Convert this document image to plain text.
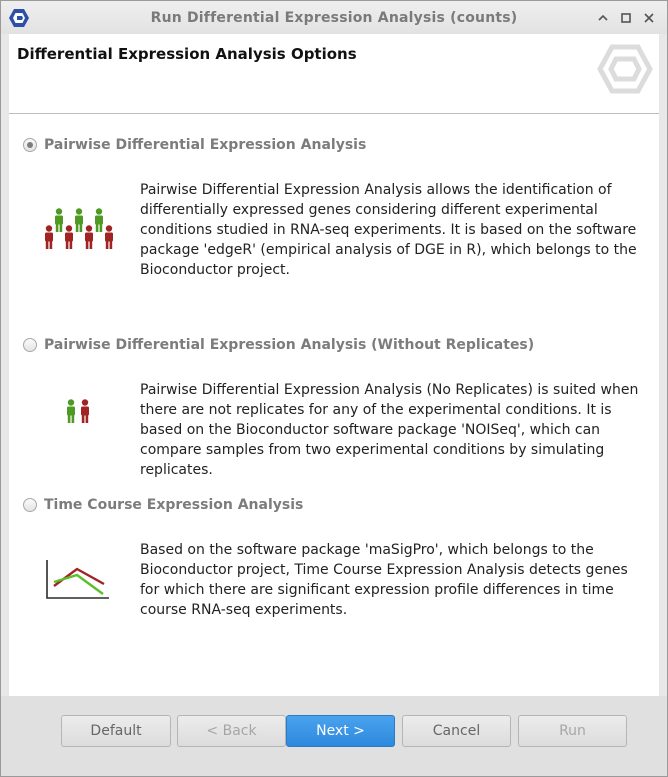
Run Differential Expression Analysis (counts)
Differential Expression Analysis Options
Pairwise Differential Expression Analysis
Pairwise Differential Expression Analysis allows the identification of differentially expressed genes considering different experimental conditions studied in RNA-seq experiments. It is based on the software package 'edgeR' (empirical analysis of DGE in R), which belongs to the Bioconductor project.
Pairwise Differential Expression Analysis (Without Replicates)
Pairwise Differential Expression Analysis (No Replicates) is suited when there are not replicates for any of the experimental conditions. It is based on the Bioconductor software package 'NOISeq', which can compare samples from two experimental conditions by simulating replicates.
Time Course Expression Analysis
Based on the software package 'maSigPro', which belongs to the Bioconductor project, Time Course Expression Analysis detects genes for which there are significant expression profile differences in time course RNA-seq experiments.
Default	< Back	Next >	Cancel	Run
